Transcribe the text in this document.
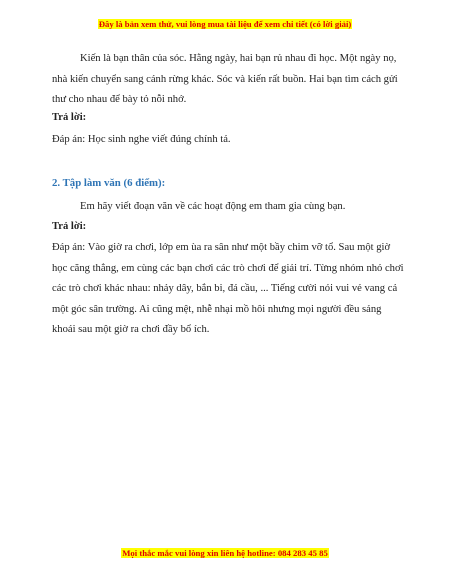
Đây là bản xem thử, vui lòng mua tài liệu để xem chi tiết (có lời giải)

Kiến là bạn thân của sóc. Hằng ngày, hai bạn rủ nhau đi học. Một ngày nọ, nhà kiến chuyển sang cánh rừng khác. Sóc và kiến rất buồn. Hai bạn tìm cách gửi thư cho nhau để bày tỏ nỗi nhớ.

Trả lời:

Đáp án: Học sinh nghe viết đúng chính tả.

2. Tập làm văn (6 điểm):

Em hãy viết đoạn văn về các hoạt động em tham gia cùng bạn.

Trả lời:

Đáp án: Vào giờ ra chơi, lớp em ùa ra sân như một bầy chim vỡ tổ. Sau một giờ học căng thẳng, em cùng các bạn chơi các trò chơi để giải trí. Từng nhóm nhỏ chơi các trò chơi khác nhau: nhảy dây, bắn bi, đá cầu, ... Tiếng cười nói vui vẻ vang cả một góc sân trường. Ai cũng mệt, nhễ nhại mồ hôi nhưng mọi người đều sảng khoái sau một giờ ra chơi đầy bổ ích.

Mọi thắc mắc vui lòng xin liên hệ hotline: 084 283 45 85
